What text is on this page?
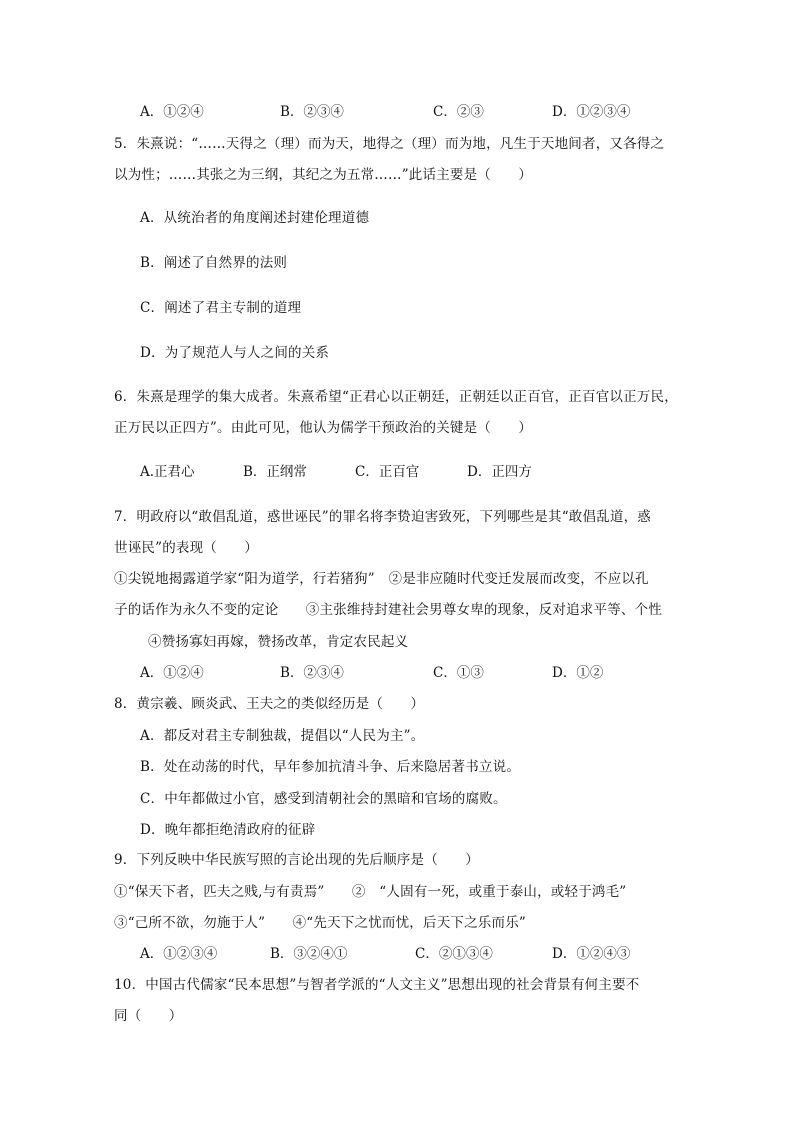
A．①②④	B．②③④	C．②③	D．①②③④
5．朱熹说：“……天得之（理）而为天，地得之（理）而为地，凡生于天地间者，又各得之
以为性；……其张之为三纲，其纪之为五常……”此话主要是（　　）
A．从统治者的角度阐述封建伦理道德
B．阐述了自然界的法则
C．阐述了君主专制的道理
D．为了规范人与人之间的关系
6．朱熹是理学的集大成者。朱熹希望“正君心以正朝廷，正朝廷以正百官，正百官以正万民，
正万民以正四方”。由此可见，他认为儒学干预政治的关键是（　　）
A.正君心	B．正纲常	C．正百官	D．正四方
7．明政府以“敢倡乱道，惑世诬民”的罪名将李贽迫害致死，下列哪些是其“敢倡乱道，惑
世诬民”的表现（　　）
①尖锐地揭露道学家“阳为道学，行若猪狗”　②是非应随时代变迁发展而改变，不应以孔
子的话作为永久不变的定论　　③主张维持封建社会男尊女卑的现象，反对追求平等、个性
④赞扬寡妇再嫁，赞扬改革，肯定农民起义
A．①②④	B．②③④	C．①③	D．①②
8．黄宗羲、顾炎武、王夫之的类似经历是（　　）
A．都反对君主专制独裁，提倡以“人民为主”。
B．处在动荡的时代，早年参加抗清斗争、后来隐居著书立说。
C．中年都做过小官，感受到清朝社会的黑暗和官场的腐败。
D．晚年都拒绝清政府的征辟
9．下列反映中华民族写照的言论出现的先后顺序是（　　）
①“保天下者，匹夫之贱,与有责焉”　　②　“人固有一死，或重于泰山，或轻于鸿毛”
③“己所不欲，勿施于人”　　④“先天下之忧而忧，后天下之乐而乐”
A．①②③④	B．③②④①	C．②①③④	D．①②④③
10．中国古代儒家“民本思想”与智者学派的“人文主义”思想出现的社会背景有何主要不
同（　　）
